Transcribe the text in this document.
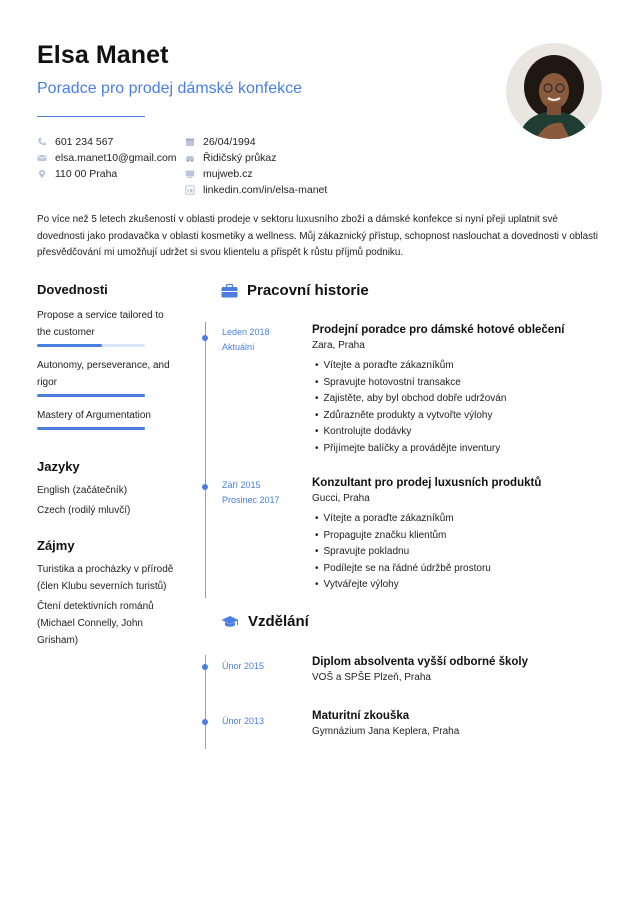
Elsa Manet
Poradce pro prodej dámské konfekce
601 234 567
elsa.manet10@gmail.com
110 00 Praha
26/04/1994
Řidičský průkaz
mujweb.cz
linkedin.com/in/elsa-manet
Po více než 5 letech zkušeností v oblasti prodeje v sektoru luxusního zboží a dámské konfekce si nyní přeji uplatnit své dovednosti jako prodavačka v oblasti kosmetiky a wellness. Můj zákaznický přístup, schopnost naslouchat a dovednosti v oblasti přesvědčování mi umožňují udržet si svou klientelu a přispět k růstu příjmů podniku.
Dovednosti
Propose a service tailored to the customer
Autonomy, perseverance, and rigor
Mastery of Argumentation
Jazyky
English (začátečník)
Czech (rodilý mluvčí)
Zájmy
Turistika a procházky v přírodě (člen Klubu severních turistů)
Čtení detektivních románů (Michael Connelly, John Grisham)
Pracovní historie
Leden 2018
Aktuální
Prodejní poradce pro dámské hotové oblečení
Zara, Praha
• Vítejte a poraďte zákazníkům
• Spravujte hotovostní transakce
• Zajistěte, aby byl obchod dobře udržován
• Zdůrazněte produkty a vytvořte výlohy
• Kontrolujte dodávky
• Přijímejte balíčky a provádějte inventury
Září 2015
Prosinec 2017
Konzultant pro prodej luxusních produktů
Gucci, Praha
• Vítejte a poraďte zákazníkům
• Propagujte značku klientům
• Spravujte pokladnu
• Podílejte se na řádné údržbě prostoru
• Vytvářejte výlohy
Vzdělání
Únor 2015	Diplom absolventa vyšší odborné školy
VOŠ a SPŠE Plzeň, Praha
Únor 2013	Maturitní zkouška
Gymnázium Jana Keplera, Praha
